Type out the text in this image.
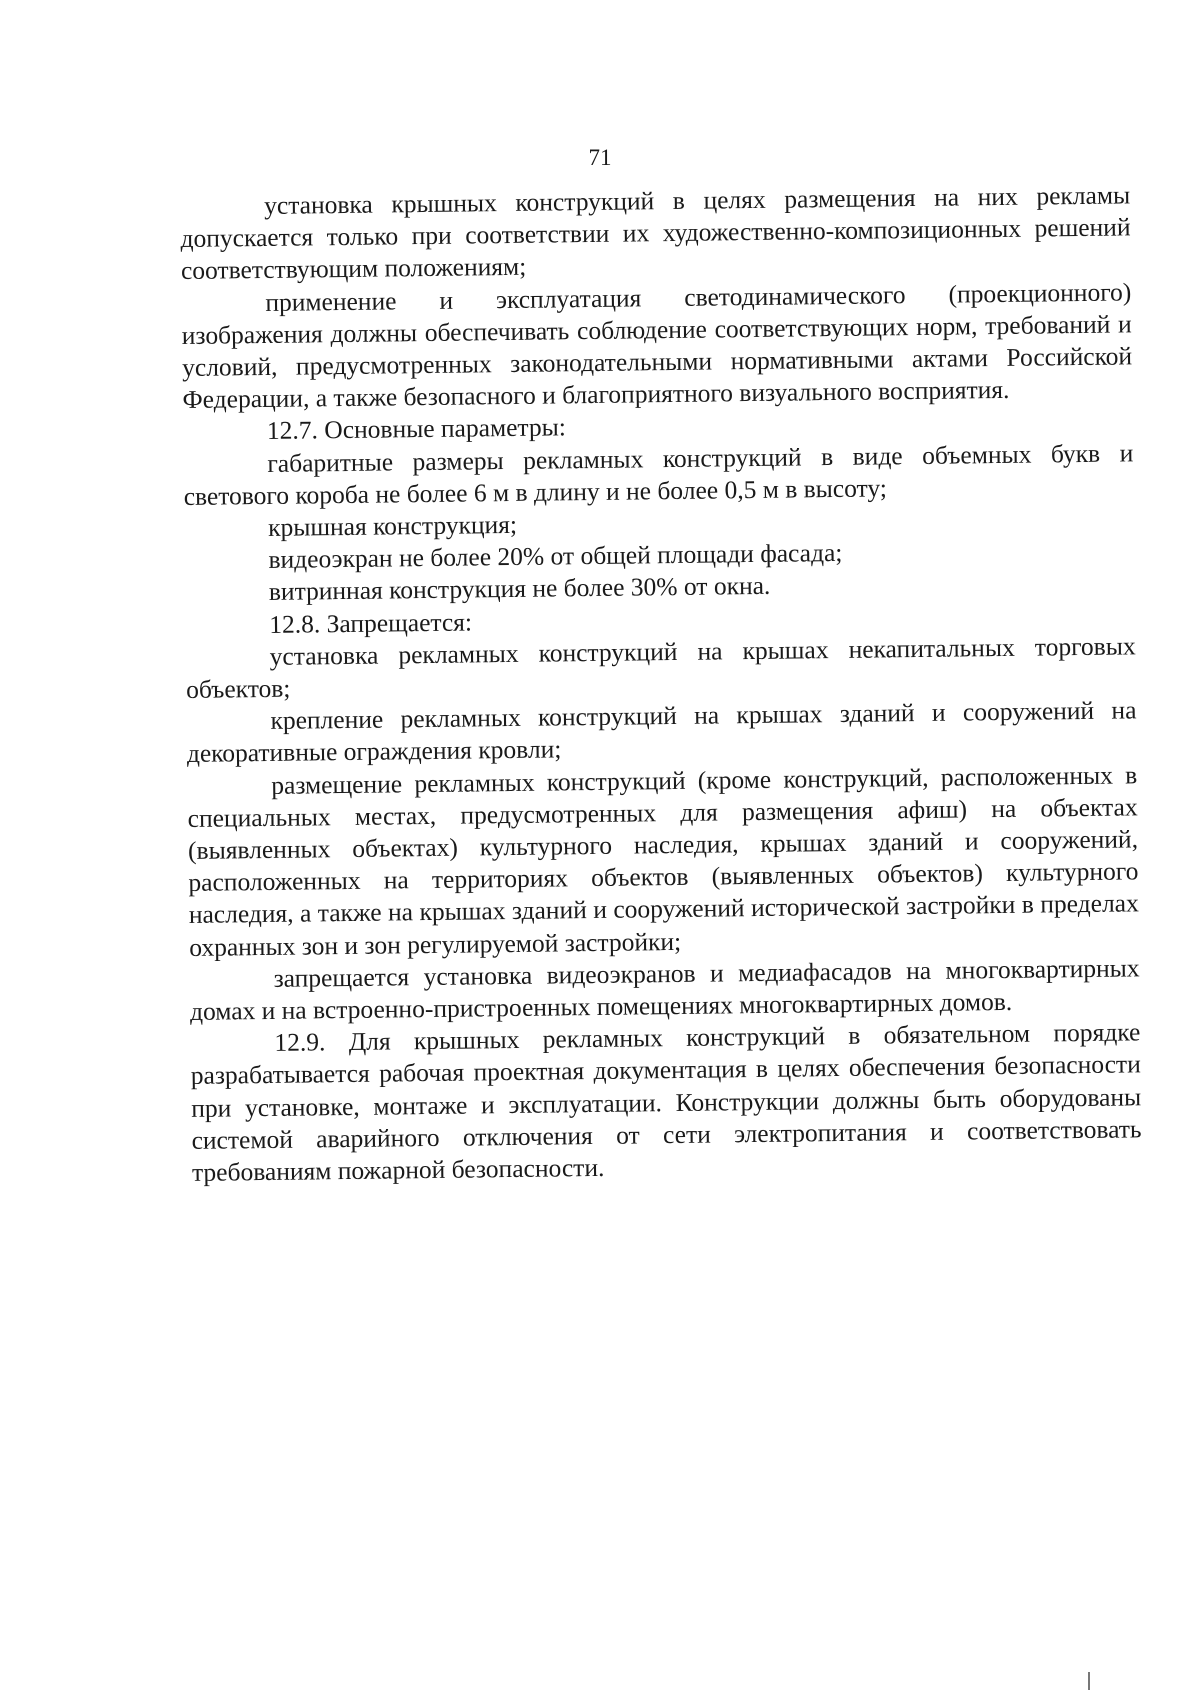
71

установка крышных конструкций в целях размещения на них рекламы допускается только при соответствии их художественно-композиционных решений соответствующим положениям;

применение и эксплуатация светодинамического (проекционного) изображения должны обеспечивать соблюдение соответствующих норм, требований и условий, предусмотренных законодательными нормативными актами Российской Федерации, а также безопасного и благоприятного визуального восприятия.

12.7. Основные параметры:

габаритные размеры рекламных конструкций в виде объемных букв и светового короба не более 6 м в длину и не более 0,5 м в высоту;

крышная конструкция;

видеоэкран не более 20% от общей площади фасада;

витринная конструкция не более 30% от окна.

12.8. Запрещается:

установка рекламных конструкций на крышах некапитальных торговых объектов;

крепление рекламных конструкций на крышах зданий и сооружений на декоративные ограждения кровли;

размещение рекламных конструкций (кроме конструкций, расположенных в специальных местах, предусмотренных для размещения афиш) на объектах (выявленных объектах) культурного наследия, крышах зданий и сооружений, расположенных на территориях объектов (выявленных объектов) культурного наследия, а также на крышах зданий и сооружений исторической застройки в пределах охранных зон и зон регулируемой застройки;

запрещается установка видеоэкранов и медиафасадов на многоквартирных домах и на встроенно-пристроенных помещениях многоквартирных домов.

12.9. Для крышных рекламных конструкций в обязательном порядке разрабатывается рабочая проектная документация в целях обеспечения безопасности при установке, монтаже и эксплуатации. Конструкции должны быть оборудованы системой аварийного отключения от сети электропитания и соответствовать требованиям пожарной безопасности.
